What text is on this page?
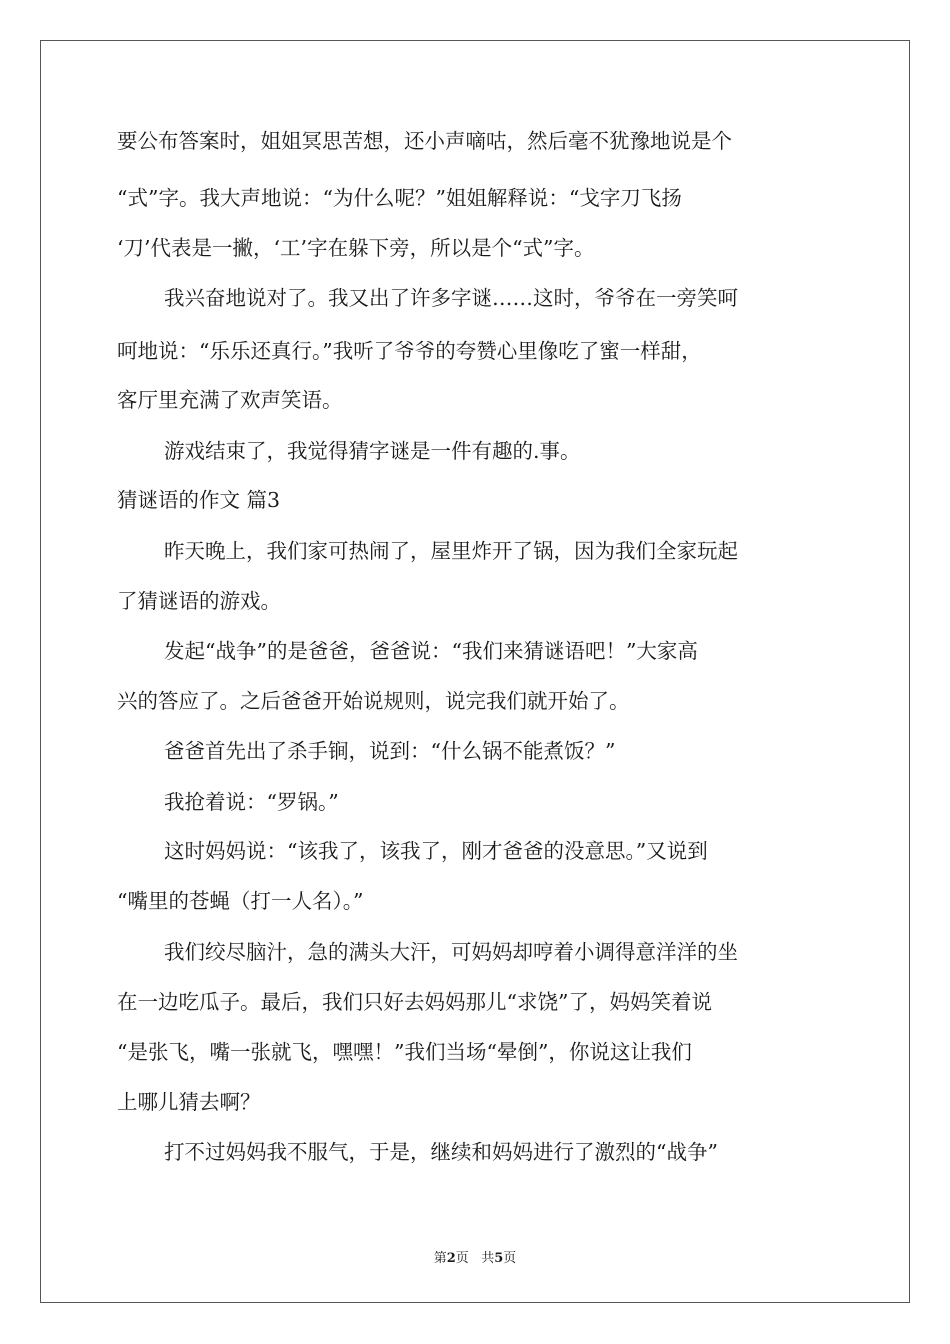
要公布答案时，姐姐冥思苦想，还小声嘀咕，然后毫不犹豫地说是个
“式”字。我大声地说：“为什么呢？”姐姐解释说：“戈字刀飞扬
‘刀’代表是一撇，‘工’字在躲下旁，所以是个“式”字。
我兴奋地说对了。我又出了许多字谜……这时，爷爷在一旁笑呵
呵地说：“乐乐还真行。”我听了爷爷的夸赞心里像吃了蜜一样甜，
客厅里充满了欢声笑语。
游戏结束了，我觉得猜字谜是一件有趣的.事。
猜谜语的作文 篇3
昨天晚上，我们家可热闹了，屋里炸开了锅，因为我们全家玩起
了猜谜语的游戏。
发起“战争”的是爸爸，爸爸说：“我们来猜谜语吧！”大家高
兴的答应了。之后爸爸开始说规则，说完我们就开始了。
爸爸首先出了杀手锏，说到：“什么锅不能煮饭？”
我抢着说：“罗锅。”
这时妈妈说：“该我了，该我了，刚才爸爸的没意思。”又说到
“嘴里的苍蝇（打一人名）。”
我们绞尽脑汁，急的满头大汗，可妈妈却哼着小调得意洋洋的坐
在一边吃瓜子。最后，我们只好去妈妈那儿“求饶”了，妈妈笑着说
“是张飞，嘴一张就飞，嘿嘿！”我们当场“晕倒”，你说这让我们
上哪儿猜去啊？
打不过妈妈我不服气，于是，继续和妈妈进行了激烈的“战争”
第2页 共5页
